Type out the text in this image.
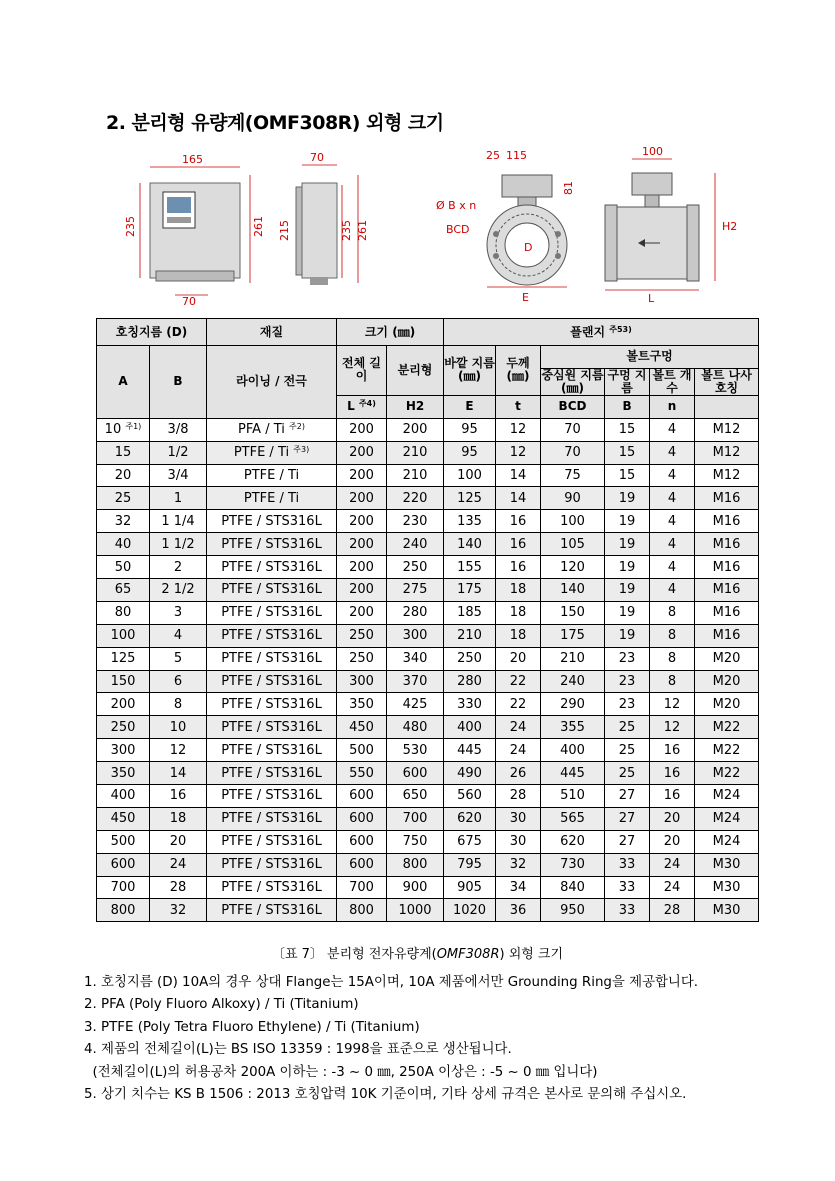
2. 분리형 유량계(OMF308R) 외형 크기
165
235	261
70
70
215	235 261
25 115
81
Ø B x n
BCD
D
E
100
H2
L
호칭지름 (D)		재질	크기 (㎜)		플랜지 $^{주53)}$
A	B	라이닝 / 전극	전체 길이	분리형	바깥 지름 (㎜)	두께 (㎜)	볼트구멍			
							중심원 지름(㎜)	구멍 지름	볼트 개수	볼트 나사 호칭
			L $^{주4)}$	H2	E	t	BCD	B	n	
10 $^{주1)}$	3/8	PFA / Ti $^{주2)}$	200	200	95	12	70	15	4	M12
15	1/2	PTFE / Ti $^{주3)}$	200	210	95	12	70	15	4	M12
20	3/4	PTFE / Ti	200	210	100	14	75	15	4	M12
25	1	PTFE / Ti	200	220	125	14	90	19	4	M16
32	1 1/4	PTFE / STS316L	200	230	135	16	100	19	4	M16
40	1 1/2	PTFE / STS316L	200	240	140	16	105	19	4	M16
50	2	PTFE / STS316L	200	250	155	16	120	19	4	M16
65	2 1/2	PTFE / STS316L	200	275	175	18	140	19	4	M16
80	3	PTFE / STS316L	200	280	185	18	150	19	8	M16
100	4	PTFE / STS316L	250	300	210	18	175	19	8	M16
125	5	PTFE / STS316L	250	340	250	20	210	23	8	M20
150	6	PTFE / STS316L	300	370	280	22	240	23	8	M20
200	8	PTFE / STS316L	350	425	330	22	290	23	12	M20
250	10	PTFE / STS316L	450	480	400	24	355	25	12	M22
300	12	PTFE / STS316L	500	530	445	24	400	25	16	M22
350	14	PTFE / STS316L	550	600	490	26	445	25	16	M22
400	16	PTFE / STS316L	600	650	560	28	510	27	16	M24
450	18	PTFE / STS316L	600	700	620	30	565	27	20	M24
500	20	PTFE / STS316L	600	750	675	30	620	27	20	M24
600	24	PTFE / STS316L	600	800	795	32	730	33	24	M30
700	28	PTFE / STS316L	700	900	905	34	840	33	24	M30
800	32	PTFE / STS316L	800	1000	1020	36	950	33	28	M30
〔표 7〕 분리형 전자유량계(OMF308R) 외형 크기
1. 호칭지름 (D) 10A의 경우 상대 Flange는 15A이며, 10A 제품에서만 Grounding Ring을 제공합니다.
2. PFA (Poly Fluoro Alkoxy) / Ti (Titanium)
3. PTFE (Poly Tetra Fluoro Ethylene) / Ti (Titanium)
4. 제품의 전체길이(L)는 BS ISO 13359 : 1998을 표준으로 생산됩니다.
(전체길이(L)의 허용공차 200A 이하는 : -3 ~ 0 ㎜, 250A 이상은 : -5 ~ 0 ㎜ 입니다)
5. 상기 치수는 KS B 1506 : 2013 호칭압력 10K 기준이며, 기타 상세 규격은 본사로 문의해 주십시오.
